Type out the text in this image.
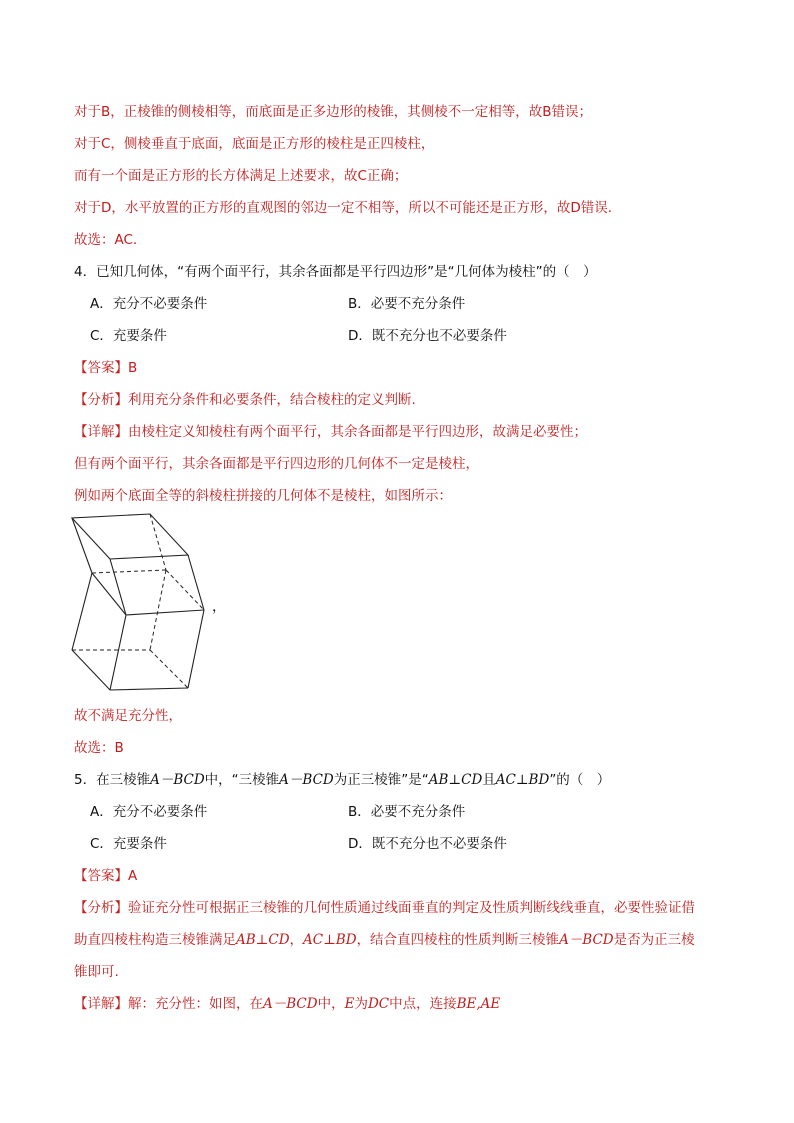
对于B，正棱锥的侧棱相等，而底面是正多边形的棱锥，其侧棱不一定相等，故B错误；
对于C，侧棱垂直于底面，底面是正方形的棱柱是正四棱柱，
而有一个面是正方形的长方体满足上述要求，故C正确；
对于D，水平放置的正方形的直观图的邻边一定不相等，所以不可能还是正方形，故D错误.
故选：AC.
4．已知几何体，“有两个面平行，其余各面都是平行四边形”是“几何体为棱柱”的（　）
A．充分不必要条件	B．必要不充分条件
C．充要条件	D．既不充分也不必要条件
【答案】B
【分析】利用充分条件和必要条件，结合棱柱的定义判断.
【详解】由棱柱定义知棱柱有两个面平行，其余各面都是平行四边形，故满足必要性；
但有两个面平行，其余各面都是平行四边形的几何体不一定是棱柱，
例如两个底面全等的斜棱柱拼接的几何体不是棱柱，如图所示：
，
故不满足充分性，
故选：B
5．在三棱锥A－BCD中，“三棱锥A－BCD为正三棱锥”是“AB⊥CD且AC⊥BD”的（　）
A．充分不必要条件	B．必要不充分条件
C．充要条件	D．既不充分也不必要条件
【答案】A
【分析】验证充分性可根据正三棱锥的几何性质通过线面垂直的判定及性质判断线线垂直，必要性验证借
助直四棱柱构造三棱锥满足AB⊥CD，AC⊥BD，结合直四棱柱的性质判断三棱锥A－BCD是否为正三棱
锥即可.
【详解】解：充分性：如图，在A－BCD中，E为DC中点，连接BE,AE
